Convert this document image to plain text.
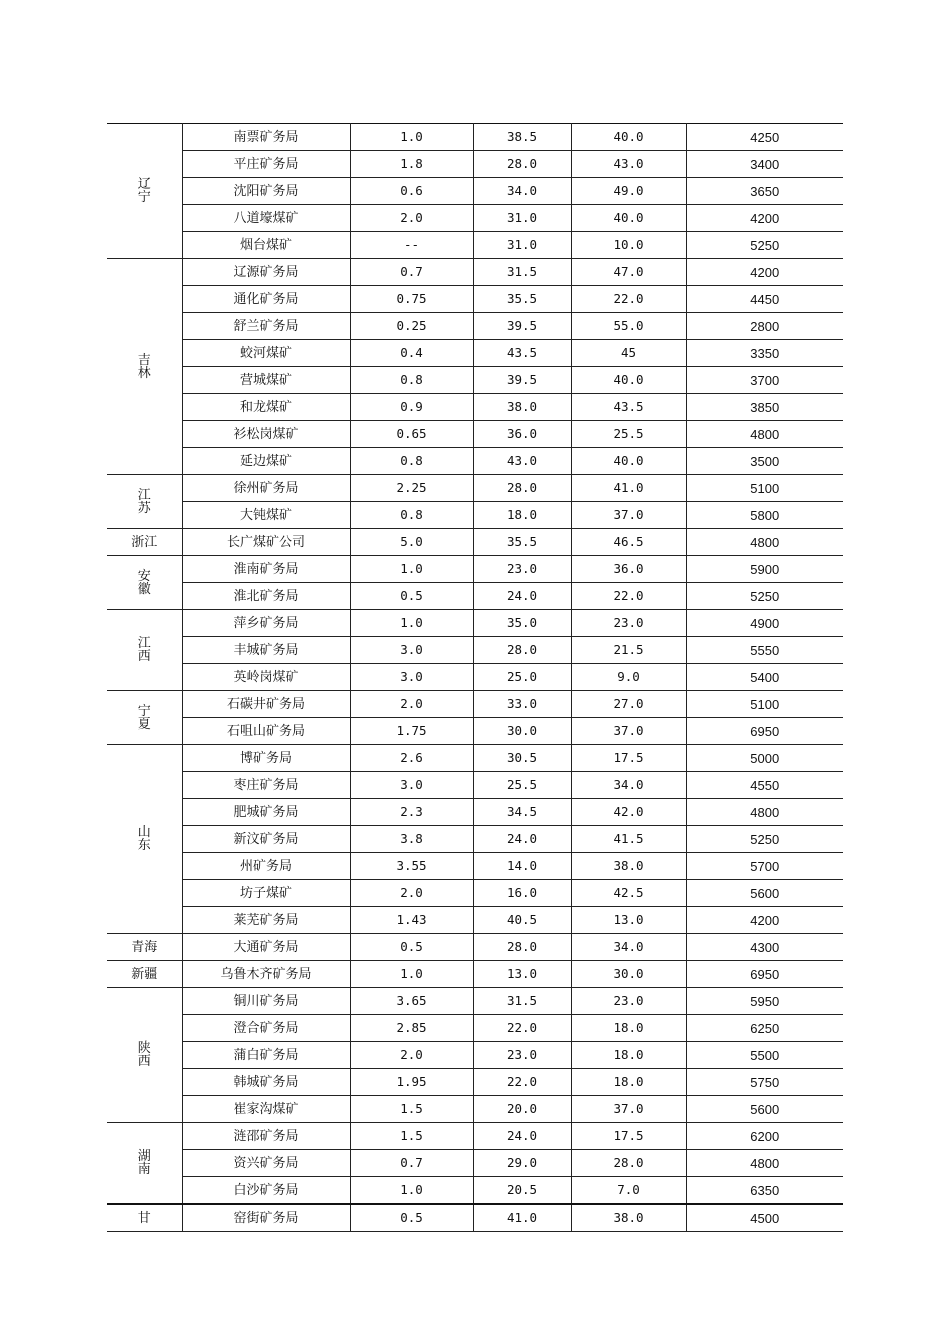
辽
宁	南票矿务局	1.0	38.5	40.0	4250
	平庄矿务局	1.8	28.0	43.0	3400
	沈阳矿务局	0.6	34.0	49.0	3650
	八道壕煤矿	2.0	31.0	40.0	4200
	烟台煤矿	--	31.0	10.0	5250
吉
林	辽源矿务局	0.7	31.5	47.0	4200
	通化矿务局	0.75	35.5	22.0	4450
	舒兰矿务局	0.25	39.5	55.0	2800
	蛟河煤矿	0.4	43.5	45	3350
	营城煤矿	0.8	39.5	40.0	3700
	和龙煤矿	0.9	38.0	43.5	3850
	衫松岗煤矿	0.65	36.0	25.5	4800
	延边煤矿	0.8	43.0	40.0	3500
江
苏	徐州矿务局	2.25	28.0	41.0	5100
	大钝煤矿	0.8	18.0	37.0	5800
浙江	长广煤矿公司	5.0	35.5	46.5	4800
安
徽	淮南矿务局	1.0	23.0	36.0	5900
	淮北矿务局	0.5	24.0	22.0	5250
江
西	萍乡矿务局	1.0	35.0	23.0	4900
	丰城矿务局	3.0	28.0	21.5	5550
	英岭岗煤矿	3.0	25.0	9.0	5400
宁
夏	石碳井矿务局	2.0	33.0	27.0	5100
	石咀山矿务局	1.75	30.0	37.0	6950
山
东	博矿务局	2.6	30.5	17.5	5000
	枣庄矿务局	3.0	25.5	34.0	4550
	肥城矿务局	2.3	34.5	42.0	4800
	新汶矿务局	3.8	24.0	41.5	5250
	州矿务局	3.55	14.0	38.0	5700
	坊子煤矿	2.0	16.0	42.5	5600
	莱芜矿务局	1.43	40.5	13.0	4200
青海	大通矿务局	0.5	28.0	34.0	4300
新疆	乌鲁木齐矿务局	1.0	13.0	30.0	6950
陕
西	铜川矿务局	3.65	31.5	23.0	5950
	澄合矿务局	2.85	22.0	18.0	6250
	蒲白矿务局	2.0	23.0	18.0	5500
	韩城矿务局	1.95	22.0	18.0	5750
	崔家沟煤矿	1.5	20.0	37.0	5600
湖
南	涟邵矿务局	1.5	24.0	17.5	6200
	资兴矿务局	0.7	29.0	28.0	4800
	白沙矿务局	1.0	20.5	7.0	6350
甘	窑街矿务局	0.5	41.0	38.0	4500
